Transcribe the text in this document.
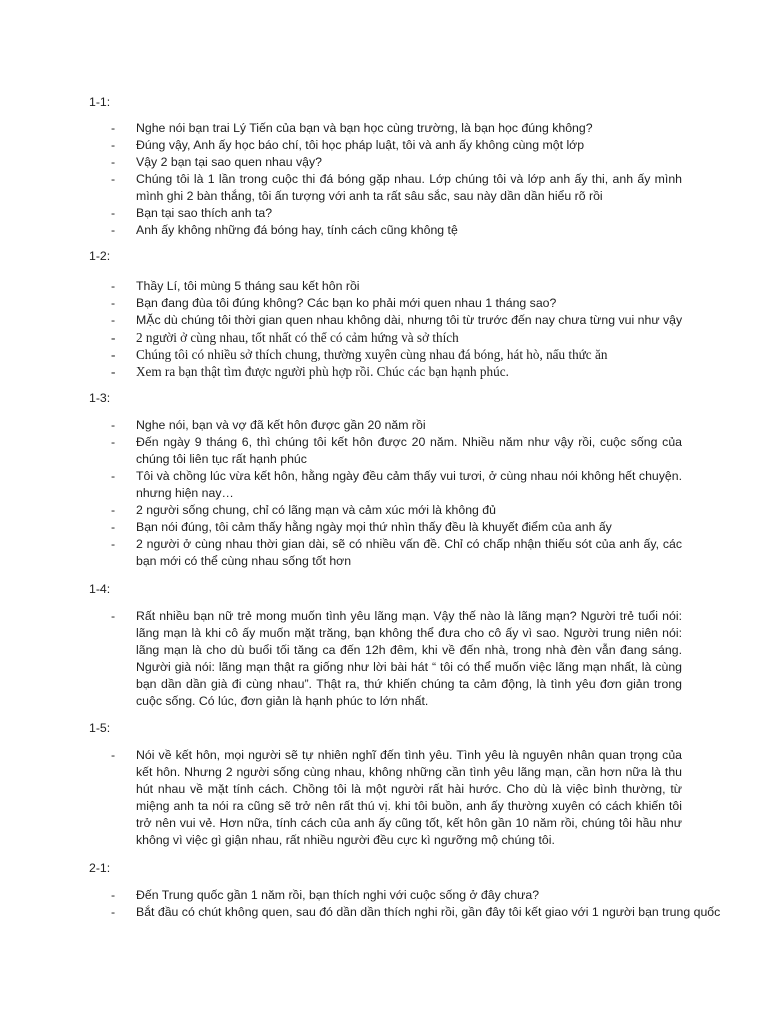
1-1:
- Nghe nói bạn trai Lý Tiến của bạn và bạn học cùng trường, là bạn học đúng không?
- Đúng vậy, Anh ấy học báo chí, tôi học pháp luật, tôi và anh ấy không cùng một lớp
- Vậy 2 bạn tại sao quen nhau vậy?
- Chúng tôi là 1 lần trong cuộc thi đá bóng gặp nhau. Lớp chúng tôi và lớp anh ấy thi, anh ấy mình mình ghi 2 bàn thắng, tôi ấn tượng với anh ta rất sâu sắc, sau này dần dần hiểu rõ rồi
- Bạn tại sao thích anh ta?
- Anh ấy không những đá bóng hay, tính cách cũng không tệ
1-2:
- Thầy Lí, tôi mùng 5 tháng sau kết hôn rồi
- Bạn đang đùa tôi đúng không? Các bạn ko phải mới quen nhau 1 tháng sao?
- MẶc dù chúng tôi thời gian quen nhau không dài, nhưng tôi từ trước đến nay chưa từng vui như vậy
- 2 người ở cùng nhau, tốt nhất có thể có cảm hứng và sở thích
- Chúng tôi có nhiều sở thích chung, thường xuyên cùng nhau đá bóng, hát hò, nấu thức ăn
- Xem ra bạn thật tìm được người phù hợp rồi. Chúc các bạn hạnh phúc.
1-3:
- Nghe nói, bạn và vợ đã kết hôn được gần 20 năm rồi
- Đến ngày 9 tháng 6, thì chúng tôi kết hôn được 20 năm. Nhiều năm như vậy rồi, cuộc sống của chúng tôi liên tục rất hạnh phúc
- Tôi và chồng lúc vừa kết hôn, hằng ngày đều cảm thấy vui tươi, ở cùng nhau nói không hết chuyện. nhưng hiện nay…
- 2 người sống chung, chỉ có lãng mạn và cảm xúc mới là không đủ
- Bạn nói đúng, tôi cảm thấy hằng ngày mọi thứ nhìn thấy đều là khuyết điểm của anh ấy
- 2 người ở cùng nhau thời gian dài, sẽ có nhiều vấn đề. Chỉ có chấp nhận thiếu sót của anh ấy, các bạn mới có thể cùng nhau sống tốt hơn
1-4:
- Rất nhiều bạn nữ trẻ mong muốn tình yêu lãng mạn. Vậy thế nào là lãng mạn? Người trẻ tuổi nói: lãng mạn là khi cô ấy muốn mặt trăng, bạn không thể đưa cho cô ấy vì sao. Người trung niên nói: lãng mạn là cho dù buổi tối tăng ca đến 12h đêm, khi về đến nhà, trong nhà đèn vẫn đang sáng. Người già nói: lãng mạn thật ra giống như lời bài hát “ tôi có thể muốn việc lãng mạn nhất, là cùng bạn dần dần già đi cùng nhau”. Thật ra, thứ khiến chúng ta cảm động, là tình yêu đơn giản trong cuộc sống. Có lúc, đơn giản là hạnh phúc to lớn nhất.
1-5:
- Nói về kết hôn, mọi người sẽ tự nhiên nghĩ đến tình yêu. Tình yêu là nguyên nhân quan trọng của kết hôn. Nhưng 2 người sống cùng nhau, không những cần tình yêu lãng mạn, cần hơn nữa là thu hút nhau về mặt tính cách. Chồng tôi là một người rất hài hước. Cho dù là việc bình thường, từ miệng anh ta nói ra cũng sẽ trở nên rất thú vị. khi tôi buồn, anh ấy thường xuyên có cách khiến tôi trở nên vui vẻ. Hơn nữa, tính cách của anh ấy cũng tốt, kết hôn gần 10 năm rồi, chúng tôi hầu như không vì việc gì giận nhau, rất nhiều người đều cực kì ngưỡng mộ chúng tôi.
2-1:
- Đến Trung quốc gần 1 năm rồi, bạn thích nghi với cuộc sống ở đây chưa?
- Bắt đầu có chút không quen, sau đó dần dần thích nghi rồi, gần đây tôi kết giao với 1 người bạn trung quốc
